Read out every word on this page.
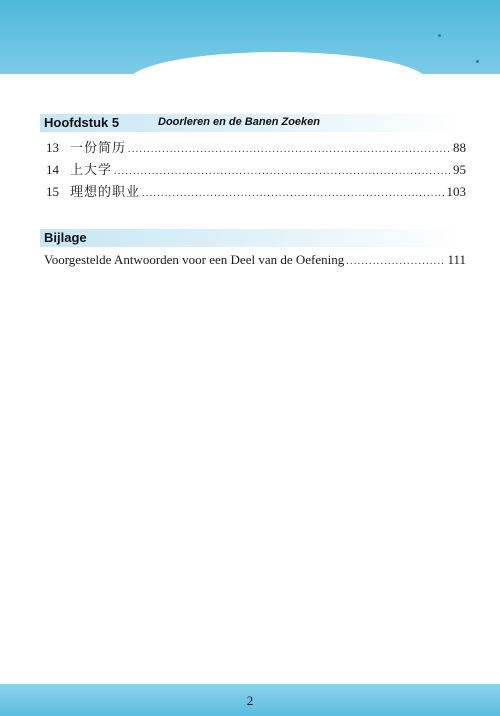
Hoofdstuk 5	Doorleren en de Banen Zoeken
13 一份简历 .....	88
14 上大学 .....	95
15 理想的职业 .....	103
Bijlage
Voorgestelde Antwoorden voor een Deel van de Oefening .....	111
2
